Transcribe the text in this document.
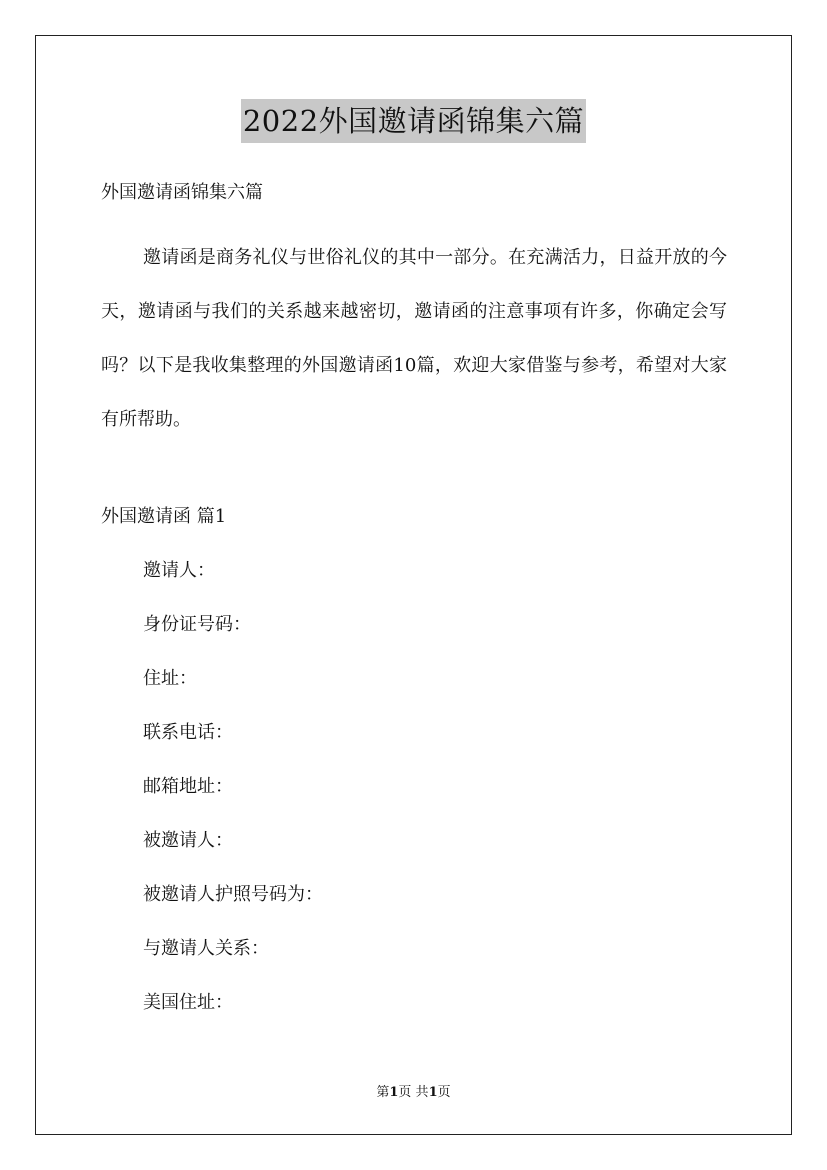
2022外国邀请函锦集六篇
外国邀请函锦集六篇

邀请函是商务礼仪与世俗礼仪的其中一部分。在充满活力，日益开放的今天，邀请函与我们的关系越来越密切，邀请函的注意事项有许多，你确定会写吗？以下是我收集整理的外国邀请函10篇，欢迎大家借鉴与参考，希望对大家有所帮助。

外国邀请函 篇1
邀请人：
身份证号码：
住址：
联系电话：
邮箱地址：
被邀请人：
被邀请人护照号码为：
与邀请人关系：
美国住址：
第1页 共1页
